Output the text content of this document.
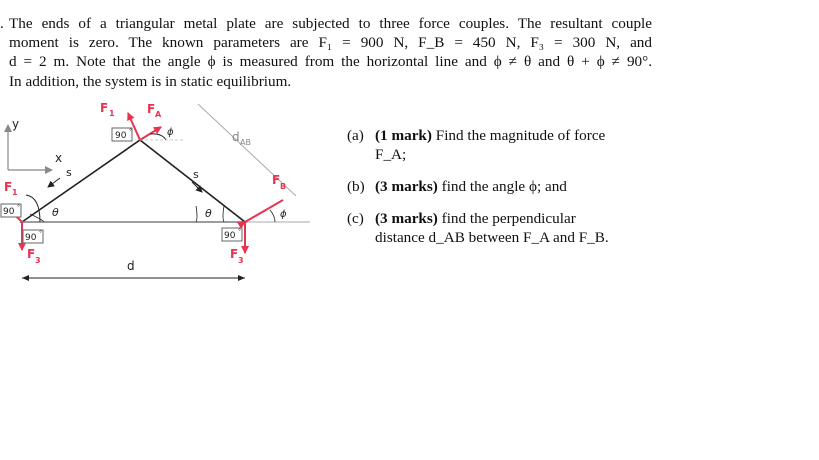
. The ends of a triangular metal plate are subjected to three force couples. The resultant couple
moment is zero. The known parameters are F₁ = 900 N, F_B = 450 N, F₃ = 300 N, and
d = 2 m. Note that the angle ϕ is measured from the horizontal line and ϕ ≠ θ and θ + ϕ ≠ 90°.
In addition, the system is in static equilibrium.
y
x
s	s
d AB
d
F 1	F A
90 °	ϕ
F 1
90 °	θ
F 3
90 °
θ
F B
ϕ
F 3
90 °
(a) (1 mark) Find the magnitude of force F_A;
(b) (3 marks) find the angle ϕ; and
(c) (3 marks) find the perpendicular distance d_AB between F_A and F_B.
